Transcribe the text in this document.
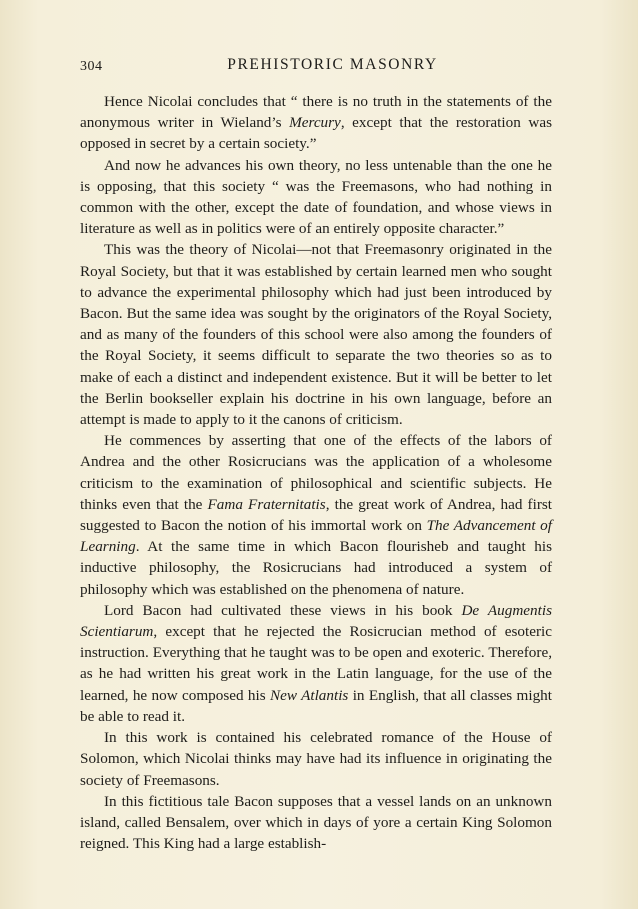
304	PREHISTORIC MASONRY

Hence Nicolai concludes that “ there is no truth in the statements of the anonymous writer in Wieland’s Mercury, except that the restoration was opposed in secret by a certain society.”

And now he advances his own theory, no less untenable than the one he is opposing, that this society “ was the Freemasons, who had nothing in common with the other, except the date of foundation, and whose views in literature as well as in politics were of an entirely opposite character.”

This was the theory of Nicolai—not that Freemasonry originated in the Royal Society, but that it was established by certain learned men who sought to advance the experimental philosophy which had just been introduced by Bacon. But the same idea was sought by the originators of the Royal Society, and as many of the founders of this school were also among the founders of the Royal Society, it seems difficult to separate the two theories so as to make of each a distinct and independent existence. But it will be better to let the Berlin bookseller explain his doctrine in his own language, before an attempt is made to apply to it the canons of criticism.

He commences by asserting that one of the effects of the labors of Andrea and the other Rosicrucians was the application of a wholesome criticism to the examination of philosophical and scientific subjects. He thinks even that the Fama Fraternitatis, the great work of Andrea, had first suggested to Bacon the notion of his immortal work on The Advancement of Learning. At the same time in which Bacon flourisheb and taught his inductive philosophy, the Rosicrucians had introduced a system of philosophy which was established on the phenomena of nature.

Lord Bacon had cultivated these views in his book De Augmentis Scientiarum, except that he rejected the Rosicrucian method of esoteric instruction. Everything that he taught was to be open and exoteric. Therefore, as he had written his great work in the Latin language, for the use of the learned, he now composed his New Atlantis in English, that all classes might be able to read it.

In this work is contained his celebrated romance of the House of Solomon, which Nicolai thinks may have had its influence in originating the society of Freemasons.

In this fictitious tale Bacon supposes that a vessel lands on an unknown island, called Bensalem, over which in days of yore a certain King Solomon reigned. This King had a large establish-
